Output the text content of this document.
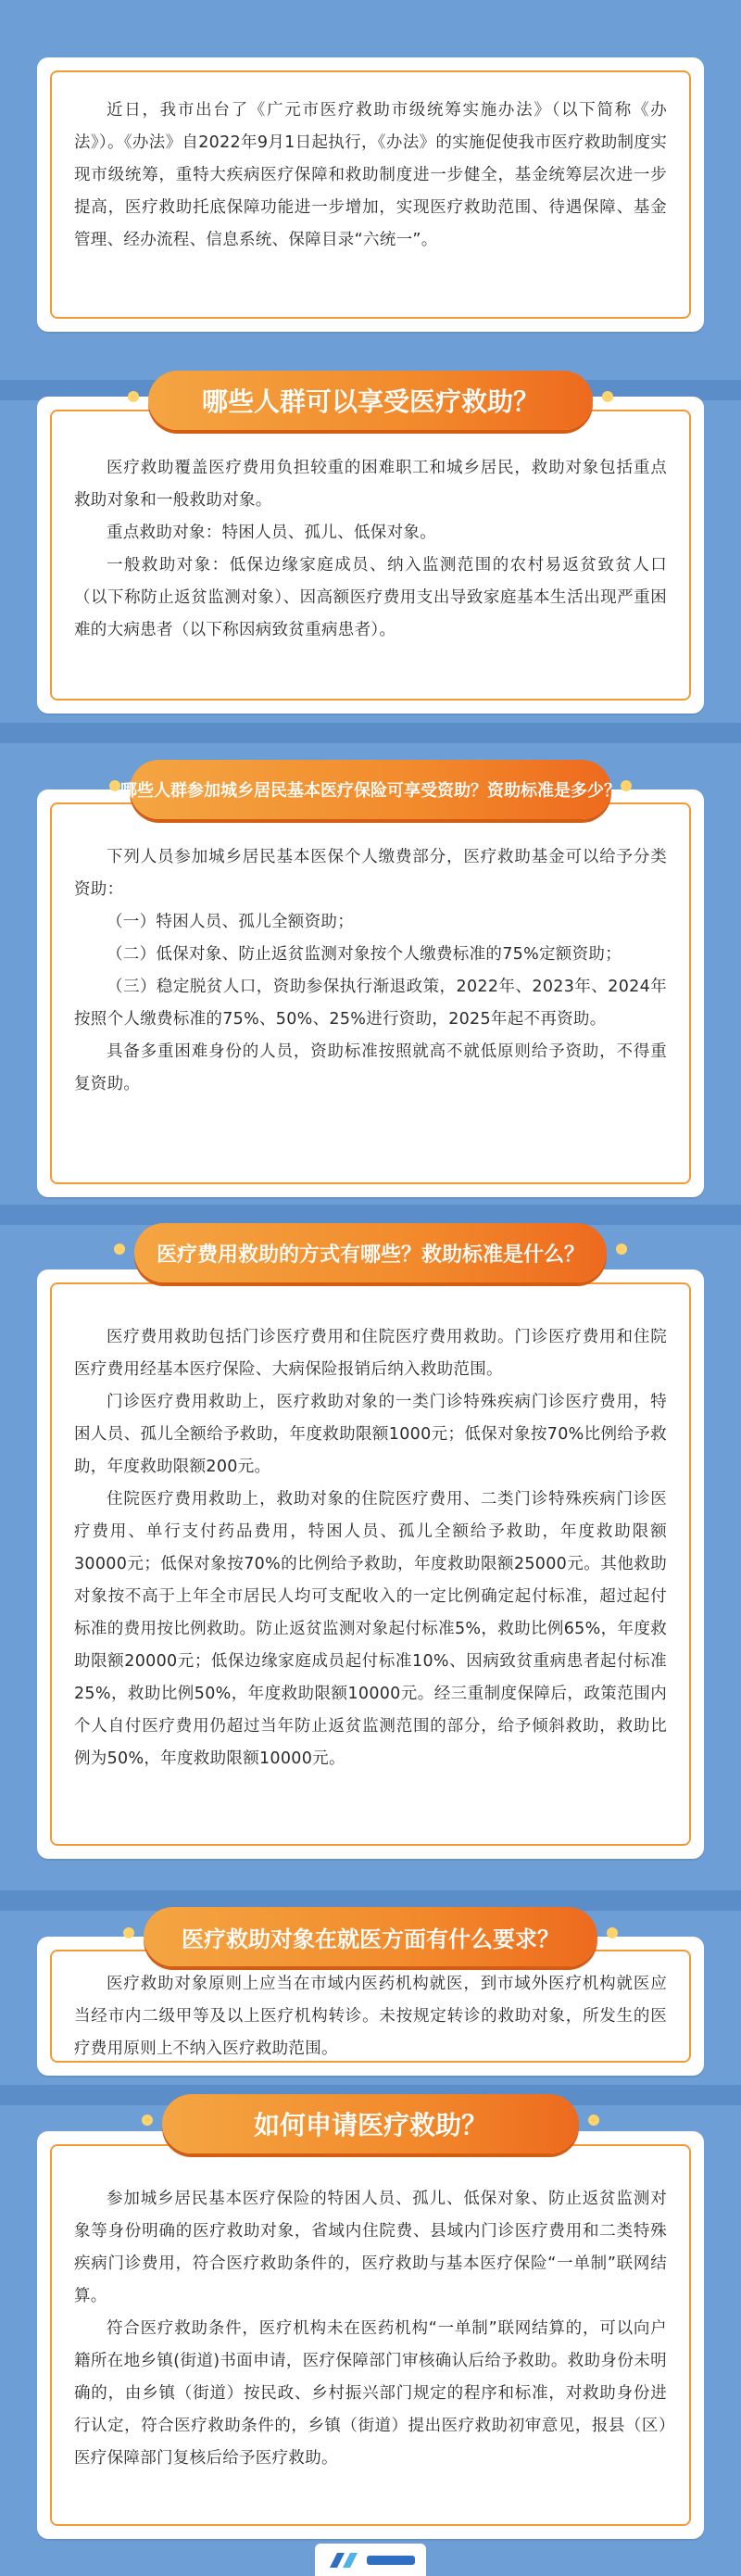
近日，我市出台了《广元市医疗救助市级统筹实施办法》（以下简称《办法》）。《办法》自2022年9月1日起执行，《办法》的实施促使我市医疗救助制度实现市级统筹，重特大疾病医疗保障和救助制度进一步健全，基金统筹层次进一步提高，医疗救助托底保障功能进一步增加，实现医疗救助范围、待遇保障、基金管理、经办流程、信息系统、保障目录“六统一”。

医疗救助覆盖医疗费用负担较重的困难职工和城乡居民，救助对象包括重点救助对象和一般救助对象。

重点救助对象：特困人员、孤儿、低保对象。

一般救助对象：低保边缘家庭成员、纳入监测范围的农村易返贫致贫人口（以下称防止返贫监测对象）、因高额医疗费用支出导致家庭基本生活出现严重困难的大病患者（以下称因病致贫重病患者）。

哪些人群可以享受医疗救助？

下列人员参加城乡居民基本医保个人缴费部分，医疗救助基金可以给予分类资助：

（一）特困人员、孤儿全额资助；

（二）低保对象、防止返贫监测对象按个人缴费标准的75%定额资助；

（三）稳定脱贫人口，资助参保执行渐退政策，2022年、2023年、2024年按照个人缴费标准的75%、50%、25%进行资助，2025年起不再资助。

具备多重困难身份的人员，资助标准按照就高不就低原则给予资助，不得重复资助。

哪些人群参加城乡居民基本医疗保险可享受资助？资助标准是多少？

医疗费用救助包括门诊医疗费用和住院医疗费用救助。门诊医疗费用和住院医疗费用经基本医疗保险、大病保险报销后纳入救助范围。

门诊医疗费用救助上，医疗救助对象的一类门诊特殊疾病门诊医疗费用，特困人员、孤儿全额给予救助，年度救助限额1000元；低保对象按70%比例给予救助，年度救助限额200元。

住院医疗费用救助上，救助对象的住院医疗费用、二类门诊特殊疾病门诊医疗费用、单行支付药品费用，特困人员、孤儿全额给予救助，年度救助限额30000元；低保对象按70%的比例给予救助，年度救助限额25000元。其他救助对象按不高于上年全市居民人均可支配收入的一定比例确定起付标准，超过起付标准的费用按比例救助。防止返贫监测对象起付标准5%，救助比例65%，年度救助限额20000元；低保边缘家庭成员起付标准10%、因病致贫重病患者起付标准25%，救助比例50%，年度救助限额10000元。经三重制度保障后，政策范围内个人自付医疗费用仍超过当年防止返贫监测范围的部分，给予倾斜救助，救助比例为50%，年度救助限额10000元。

医疗费用救助的方式有哪些？救助标准是什么？

医疗救助对象原则上应当在市域内医药机构就医，到市域外医疗机构就医应当经市内二级甲等及以上医疗机构转诊。未按规定转诊的救助对象，所发生的医疗费用原则上不纳入医疗救助范围。

医疗救助对象在就医方面有什么要求？

参加城乡居民基本医疗保险的特困人员、孤儿、低保对象、防止返贫监测对象等身份明确的医疗救助对象，省域内住院费、县域内门诊医疗费用和二类特殊疾病门诊费用，符合医疗救助条件的，医疗救助与基本医疗保险“一单制”联网结算。

符合医疗救助条件，医疗机构未在医药机构“一单制”联网结算的，可以向户籍所在地乡镇(街道)书面申请，医疗保障部门审核确认后给予救助。救助身份未明确的，由乡镇（街道）按民政、乡村振兴部门规定的程序和标准，对救助身份进行认定，符合医疗救助条件的，乡镇（街道）提出医疗救助初审意见，报县（区）医疗保障部门复核后给予医疗救助。

如何申请医疗救助？
